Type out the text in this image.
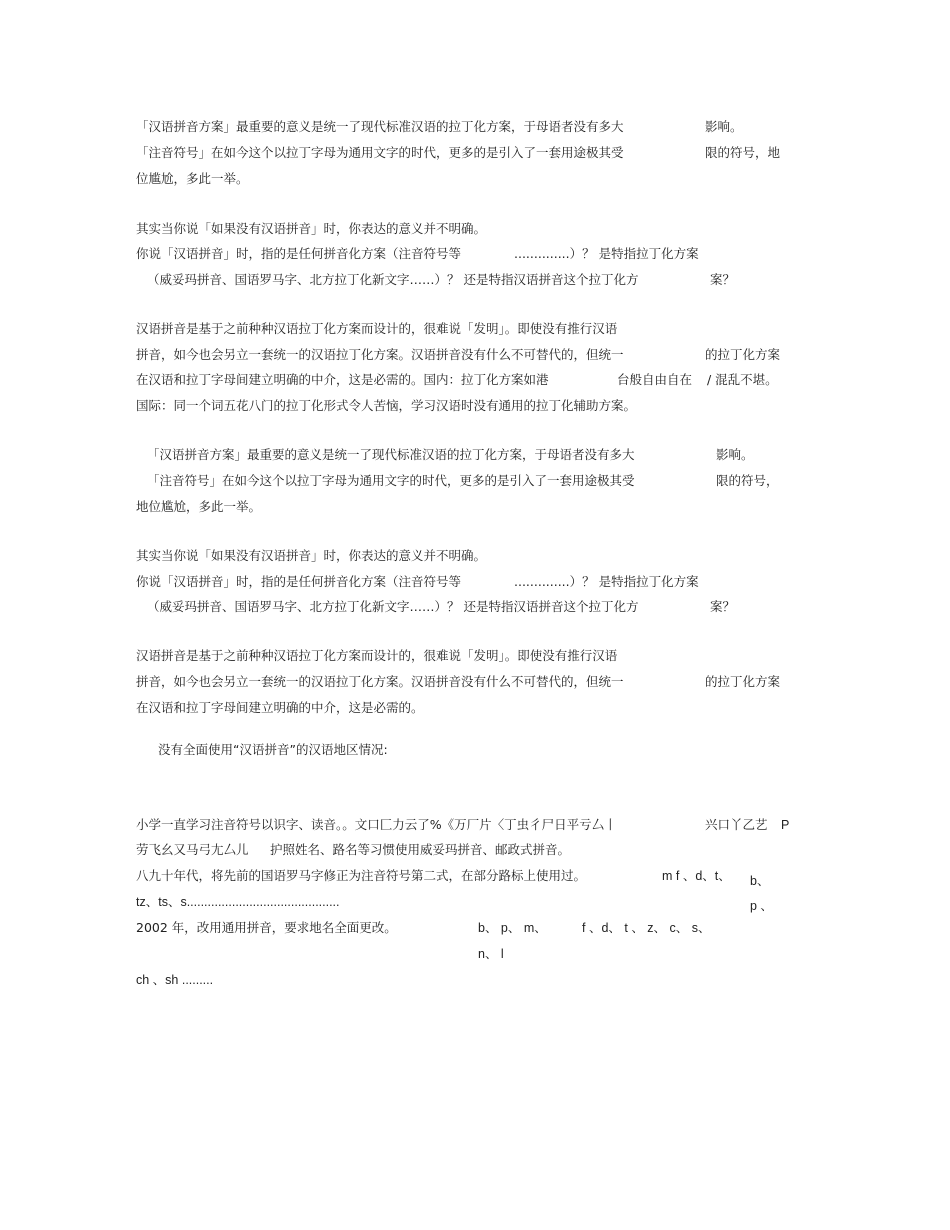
「汉语拼音方案」最重要的意义是统一了现代标准汉语的拉丁化方案，于母语者没有多大	影响。
「注音符号」在如今这个以拉丁字母为通用文字的时代，更多的是引入了一套用途极其受	限的符号，地
位尴尬，多此一举。
其实当你说「如果没有汉语拼音」时，你表达的意义并不明确。
你说「汉语拼音」时，指的是任何拼音化方案（注音符号等	..............）？ 是特指拉丁化方案
（威妥玛拼音、国语罗马字、北方拉丁化新文字……）？ 还是特指汉语拼音这个拉丁化方	案？
汉语拼音是基于之前种种汉语拉丁化方案而设计的，很难说「发明」。即使没有推行汉语
拼音，如今也会另立一套统一的汉语拉丁化方案。汉语拼音没有什么不可替代的，但统一	的拉丁化方案
在汉语和拉丁字母间建立明确的中介，这是必需的。国内：拉丁化方案如港	台般自由自在 / 混乱不堪。
国际：同一个词五花八门的拉丁化形式令人苦恼，学习汉语时没有通用的拉丁化辅助方案。
「汉语拼音方案」最重要的意义是统一了现代标准汉语的拉丁化方案，于母语者没有多大	影响。
「注音符号」在如今这个以拉丁字母为通用文字的时代，更多的是引入了一套用途极其受	限的符号，
地位尴尬，多此一举。
其实当你说「如果没有汉语拼音」时，你表达的意义并不明确。
你说「汉语拼音」时，指的是任何拼音化方案（注音符号等	..............）？ 是特指拉丁化方案
（威妥玛拼音、国语罗马字、北方拉丁化新文字……）？ 还是特指汉语拼音这个拉丁化方	案？
汉语拼音是基于之前种种汉语拉丁化方案而设计的，很难说「发明」。即使没有推行汉语
拼音，如今也会另立一套统一的汉语拉丁化方案。汉语拼音没有什么不可替代的，但统一	的拉丁化方案
在汉语和拉丁字母间建立明确的中介，这是必需的。
没有全面使用“汉语拼音”的汉语地区情况:
小学一直学习注音符号以识字、读音。。文口匚力云了%《万厂片〈丁虫彳尸日平亏厶丨	兴口丫乙艺 P
劳飞幺又马弓尢厶儿 护照姓名、路名等习惯使用威妥玛拼音、邮政式拼音。
八九十年代，将先前的国语罗马字修正为注音符号第二式，在部分路标上使用过。	m f 、d、t、 b、
tz、ts、s............................................	p 、
2002 年，改用通用拼音，要求地名全面更改。	b、 p、 m、	f 、d、 t 、 z、 c、 s、
n、 l
ch 、sh .........
